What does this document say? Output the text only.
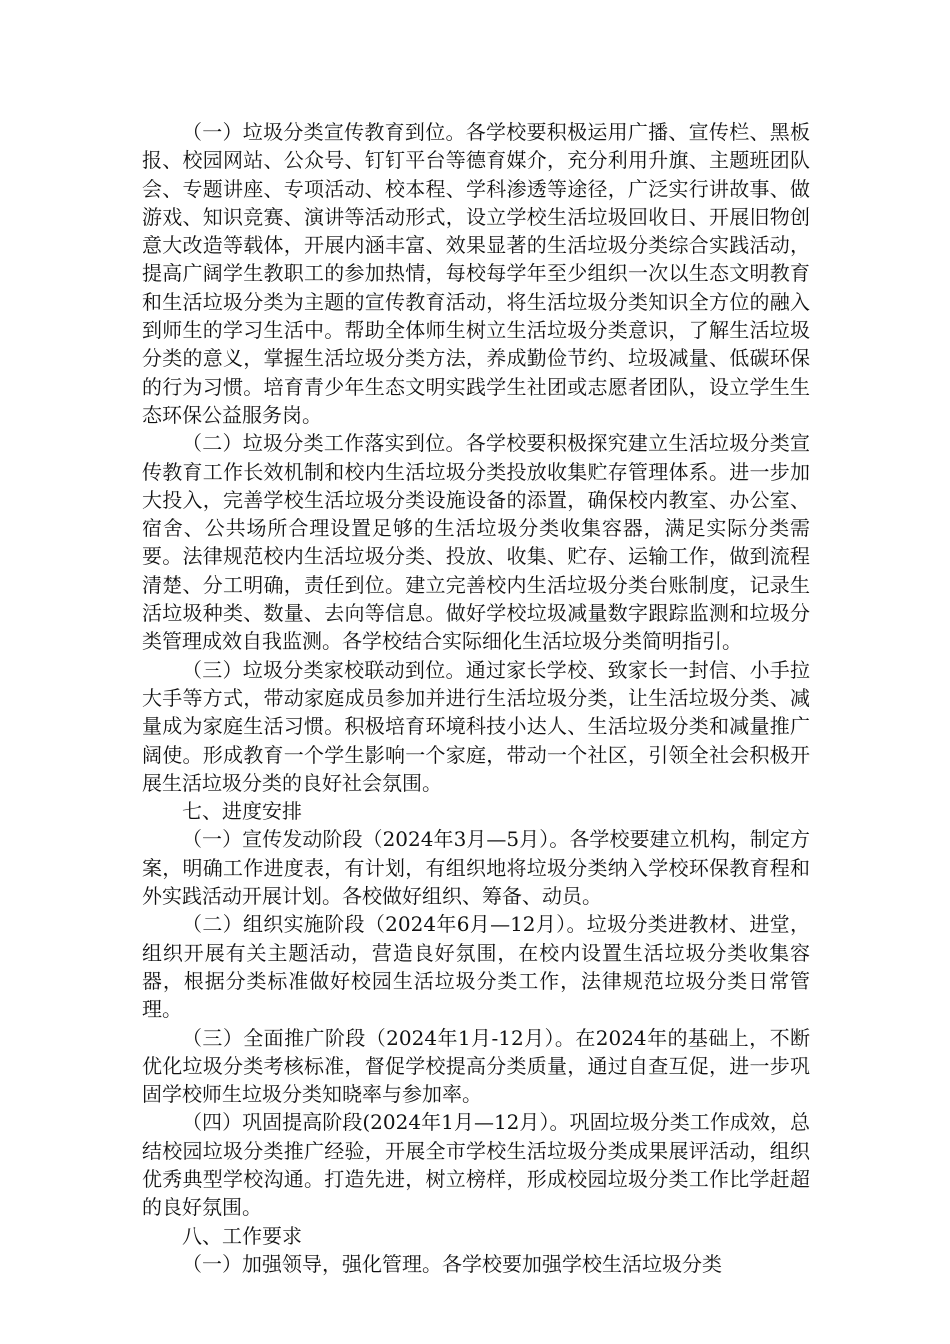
（一）垃圾分类宣传教育到位。各学校要积极运用广播、宣传栏、黑板报、校园网站、公众号、钉钉平台等德育媒介，充分利用升旗、主题班团队会、专题讲座、专项活动、校本程、学科渗透等途径，广泛实行讲故事、做游戏、知识竞赛、演讲等活动形式，设立学校生活垃圾回收日、开展旧物创意大改造等载体，开展内涵丰富、效果显著的生活垃圾分类综合实践活动，提高广阔学生教职工的参加热情，每校每学年至少组织一次以生态文明教育和生活垃圾分类为主题的宣传教育活动，将生活垃圾分类知识全方位的融入到师生的学习生活中。帮助全体师生树立生活垃圾分类意识，了解生活垃圾分类的意义，掌握生活垃圾分类方法，养成勤俭节约、垃圾减量、低碳环保的行为习惯。培育青少年生态文明实践学生社团或志愿者团队，设立学生生态环保公益服务岗。

（二）垃圾分类工作落实到位。各学校要积极探究建立生活垃圾分类宣传教育工作长效机制和校内生活垃圾分类投放收集贮存管理体系。进一步加大投入，完善学校生活垃圾分类设施设备的添置，确保校内教室、办公室、宿舍、公共场所合理设置足够的生活垃圾分类收集容器，满足实际分类需要。法律规范校内生活垃圾分类、投放、收集、贮存、运输工作，做到流程清楚、分工明确，责任到位。建立完善校内生活垃圾分类台账制度，记录生活垃圾种类、数量、去向等信息。做好学校垃圾减量数字跟踪监测和垃圾分类管理成效自我监测。各学校结合实际细化生活垃圾分类简明指引。

（三）垃圾分类家校联动到位。通过家长学校、致家长一封信、小手拉大手等方式，带动家庭成员参加并进行生活垃圾分类，让生活垃圾分类、减量成为家庭生活习惯。积极培育环境科技小达人、生活垃圾分类和减量推广阔使。形成教育一个学生影响一个家庭，带动一个社区，引领全社会积极开展生活垃圾分类的良好社会氛围。

七、进度安排

（一）宣传发动阶段（2024年3月—5月）。各学校要建立机构，制定方案，明确工作进度表，有计划，有组织地将垃圾分类纳入学校环保教育程和外实践活动开展计划。各校做好组织、筹备、动员。

（二）组织实施阶段（2024年6月—12月）。垃圾分类进教材、进堂，组织开展有关主题活动，营造良好氛围，在校内设置生活垃圾分类收集容器，根据分类标准做好校园生活垃圾分类工作，法律规范垃圾分类日常管理。

（三）全面推广阶段（2024年1月-12月）。在2024年的基础上，不断优化垃圾分类考核标准，督促学校提高分类质量，通过自查互促，进一步巩固学校师生垃圾分类知晓率与参加率。

（四）巩固提高阶段(2024年1月—12月）。巩固垃圾分类工作成效，总结校园垃圾分类推广经验，开展全市学校生活垃圾分类成果展评活动，组织优秀典型学校沟通。打造先进，树立榜样，形成校园垃圾分类工作比学赶超的良好氛围。

八、工作要求

（一）加强领导，强化管理。各学校要加强学校生活垃圾分类
